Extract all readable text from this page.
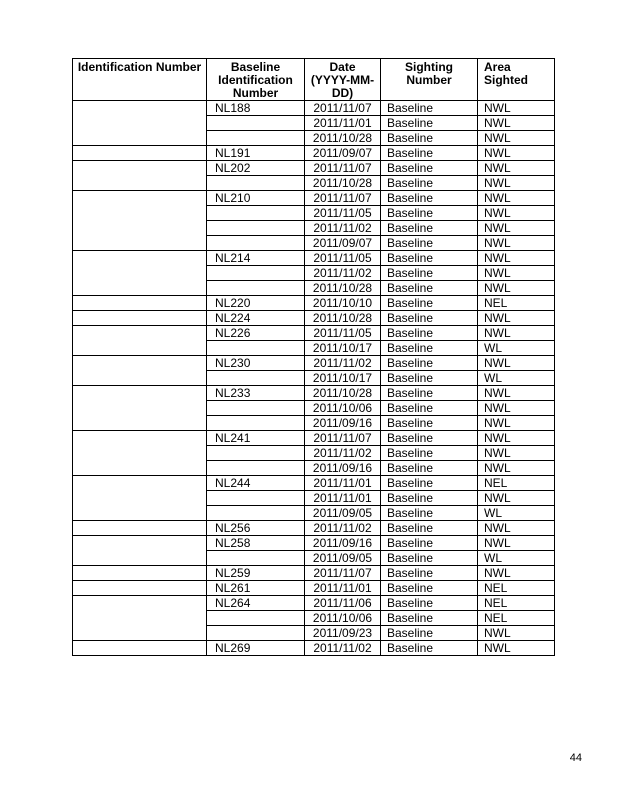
Identification Number	Baseline Identification Number	Date (YYYY-MM-DD)	Sighting Number	Area Sighted
	NL188	2011/11/07	Baseline	NWL
		2011/11/01	Baseline	NWL
		2011/10/28	Baseline	NWL
	NL191	2011/09/07	Baseline	NWL
	NL202	2011/11/07	Baseline	NWL
		2011/10/28	Baseline	NWL
	NL210	2011/11/07	Baseline	NWL
		2011/11/05	Baseline	NWL
		2011/11/02	Baseline	NWL
		2011/09/07	Baseline	NWL
	NL214	2011/11/05	Baseline	NWL
		2011/11/02	Baseline	NWL
		2011/10/28	Baseline	NWL
	NL220	2011/10/10	Baseline	NEL
	NL224	2011/10/28	Baseline	NWL
	NL226	2011/11/05	Baseline	NWL
		2011/10/17	Baseline	WL
	NL230	2011/11/02	Baseline	NWL
		2011/10/17	Baseline	WL
	NL233	2011/10/28	Baseline	NWL
		2011/10/06	Baseline	NWL
		2011/09/16	Baseline	NWL
	NL241	2011/11/07	Baseline	NWL
		2011/11/02	Baseline	NWL
		2011/09/16	Baseline	NWL
	NL244	2011/11/01	Baseline	NEL
		2011/11/01	Baseline	NWL
		2011/09/05	Baseline	WL
	NL256	2011/11/02	Baseline	NWL
	NL258	2011/09/16	Baseline	NWL
		2011/09/05	Baseline	WL
	NL259	2011/11/07	Baseline	NWL
	NL261	2011/11/01	Baseline	NEL
	NL264	2011/11/06	Baseline	NEL
		2011/10/06	Baseline	NEL
		2011/09/23	Baseline	NWL
	NL269	2011/11/02	Baseline	NWL
44
